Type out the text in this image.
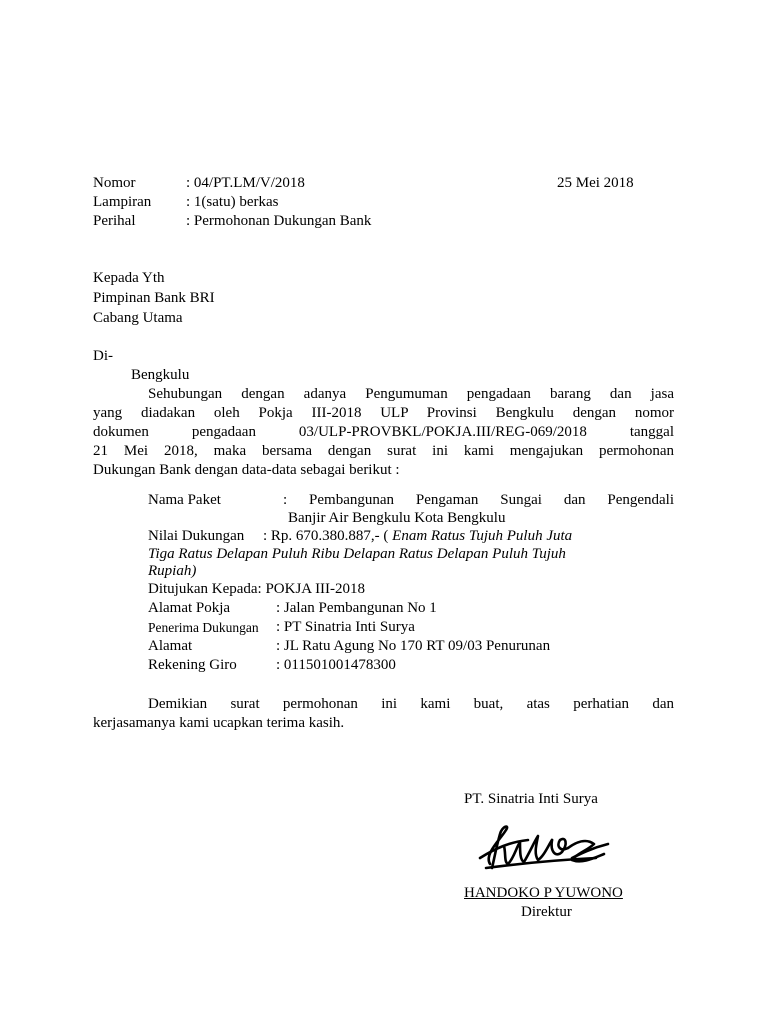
Nomor	: 04/PT.LM/V/2018	25 Mei 2018
Lampiran : 1(satu) berkas
Perihal	: Permohonan Dukungan Bank
Kepada Yth
Pimpinan Bank BRI
Cabang Utama
Di-
Bengkulu
Sehubungan dengan adanya Pengumuman pengadaan barang dan jasa
yang diadakan oleh Pokja III-2018 ULP Provinsi Bengkulu dengan nomor
dokumen pengadaan 03/ULP-PROVBKL/POKJA.III/REG-069/2018 tanggal
21 Mei 2018, maka bersama dengan surat ini kami mengajukan permohonan
Dukungan Bank dengan data-data sebagai berikut :
Nama Paket	: Pembangunan Pengaman Sungai dan Pengendali
Banjir Air Bengkulu Kota Bengkulu
Nilai Dukungan : Rp. 670.380.887,- ( Enam Ratus Tujuh Puluh Juta
Tiga Ratus Delapan Puluh Ribu Delapan Ratus Delapan Puluh Tujuh
Rupiah)
Ditujukan Kepada: POKJA III-2018
Alamat Pokja	: Jalan Pembangunan No 1
Penerima Dukungan : PT Sinatria Inti Surya
Alamat	: JL Ratu Agung No 170 RT 09/03 Penurunan
Rekening Giro	: 011501001478300
Demikian surat permohonan ini kami buat, atas perhatian dan
kerjasamanya kami ucapkan terima kasih.
PT. Sinatria Inti Surya
HANDOKO P YUWONO
Direktur
